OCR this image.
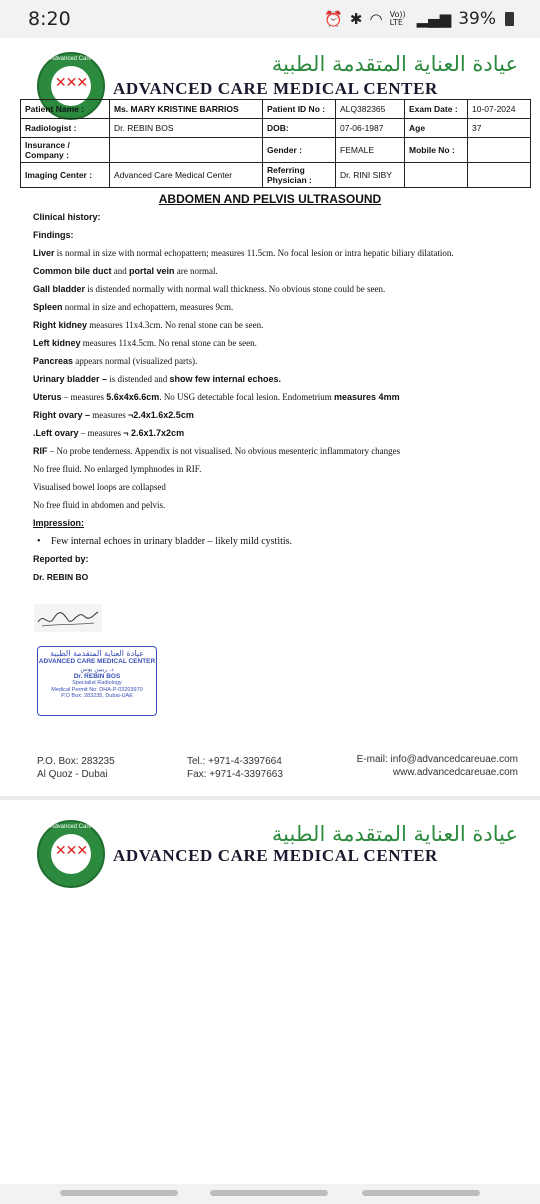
8:20	⏰ ✱ ◠ Vo)) LTE ▂▄▆ 39%
Advanced Care
✕✕✕
عيادة العناية المتقدمة الطبية
ADVANCED CARE MEDICAL CENTER
Patient Name :	Ms. MARY KRISTINE BARRIOS	Patient ID No :	ALQ382365	Exam Date :	10-07-2024
Radiologist :	Dr. REBIN BOS	DOB:	07-06-1987	Age	37
Insurance / Company :		Gender :	FEMALE	Mobile No :	
Imaging Center :	Advanced Care Medical Center	Referring Physician :	Dr. RINI SIBY		
ABDOMEN AND PELVIS ULTRASOUND

Clinical history:

Findings:

Liver is normal in size with normal echopattern; measures 11.5cm. No focal lesion or intra hepatic biliary dilatation.

Common bile duct and portal vein are normal.

Gall bladder is distended normally with normal wall thickness. No obvious stone could be seen.

Spleen normal in size and echopattern, measures 9cm.

Right kidney measures 11x4.3cm. No renal stone can be seen.

Left kidney measures 11x4.5cm. No renal stone can be seen.

Pancreas appears normal (visualized parts).

Urinary bladder – is distended and show few internal echoes.

Uterus – measures 5.6x4x6.6cm. No USG detectable focal lesion. Endometrium measures 4mm

Right ovary – measures ¬2.4x1.6x2.5cm

.Left ovary – measures ¬ 2.6x1.7x2cm

RIF – No probe tenderness. Appendix is not visualised. No obvious mesenteric inflammatory changes

No free fluid. No enlarged lymphnodes in RIF.

Visualised bowel loops are collapsed

No free fluid in abdomen and pelvis.

Impression:

• Few internal echoes in urinary bladder – likely mild cystitis.

Reported by:

Dr. REBIN BO

عيادة العناية المتقدمة الطبية
ADVANCED CARE MEDICAL CENTER
د. ريبين بوس
Dr. REBIN BOS
Specialist Radiology
Medical Permit No: DHA-P-03203970
P.O Box: 283235, Dubai-UAE
P.O. Box: 283235
Al Quoz - Dubai
Tel.: +971-4-3397664
Fax: +971-4-3397663
E-mail: info@advancedcareuae.com
www.advancedcareuae.com
Advanced Care
✕✕✕
عيادة العناية المتقدمة الطبية
ADVANCED CARE MEDICAL CENTER
